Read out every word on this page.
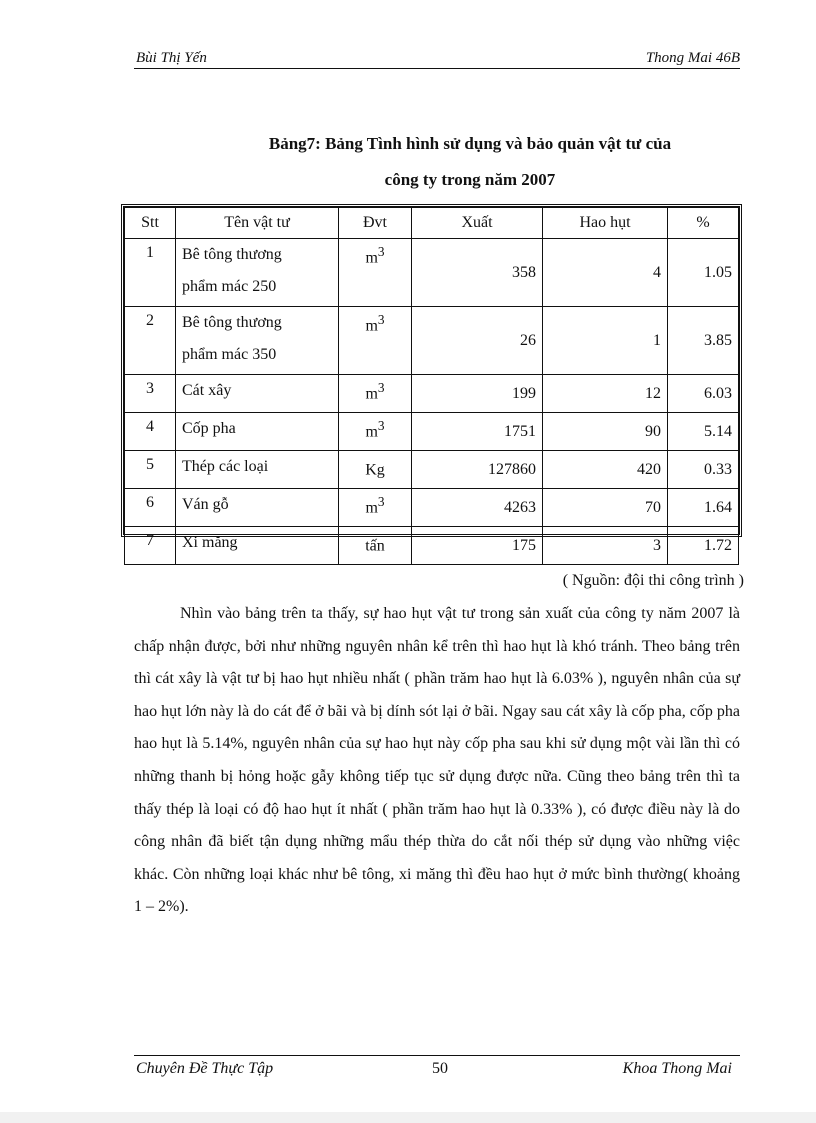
Bùi Thị Yến	Thong Mai 46B
Bảng7: Bảng Tình hình sử dụng và bảo quản vật tư của
công ty trong năm 2007
Stt	Tên vật tư	Đvt	Xuất	Hao hụt	%
1	Bê tông thương
phẩm mác 250	$m^3$	358	4	1.05
2	Bê tông thương
phẩm mác 350	$m^3$	26	1	3.85
3	Cát xây	$m^3$	199	12	6.03
4	Cốp pha	$m^3$	1751	90	5.14
5	Thép các loại	Kg	127860	420	0.33
6	Ván gỗ	$m^3$	4263	70	1.64
7	Xi măng	tấn	175	3	1.72
( Nguồn: đội thi công trình )
Nhìn vào bảng trên ta thấy, sự hao hụt vật tư trong sản xuất của công ty năm 2007 là chấp nhận được, bởi như những nguyên nhân kể trên thì hao hụt là khó tránh. Theo bảng trên thì cát xây là vật tư bị hao hụt nhiều nhất ( phần trăm hao hụt là 6.03% ), nguyên nhân của sự hao hụt lớn này là do cát để ở bãi và bị dính sót lại ở bãi. Ngay sau cát xây là cốp pha, cốp pha hao hụt là 5.14%, nguyên nhân của sự hao hụt này cốp pha sau khi sử dụng một vài lần thì có những thanh bị hỏng hoặc gẫy không tiếp tục sử dụng được nữa. Cũng theo bảng trên thì ta thấy thép là loại có độ hao hụt ít nhất ( phần trăm hao hụt là 0.33% ), có được điều này là do công nhân đã biết tận dụng những mẩu thép thừa do cắt nối thép sử dụng vào những việc khác. Còn những loại khác như bê tông, xi măng thì đều hao hụt ở mức bình thường( khoảng 1 – 2%).
Chuyên Đề Thực Tập	50	Khoa Thong Mai
